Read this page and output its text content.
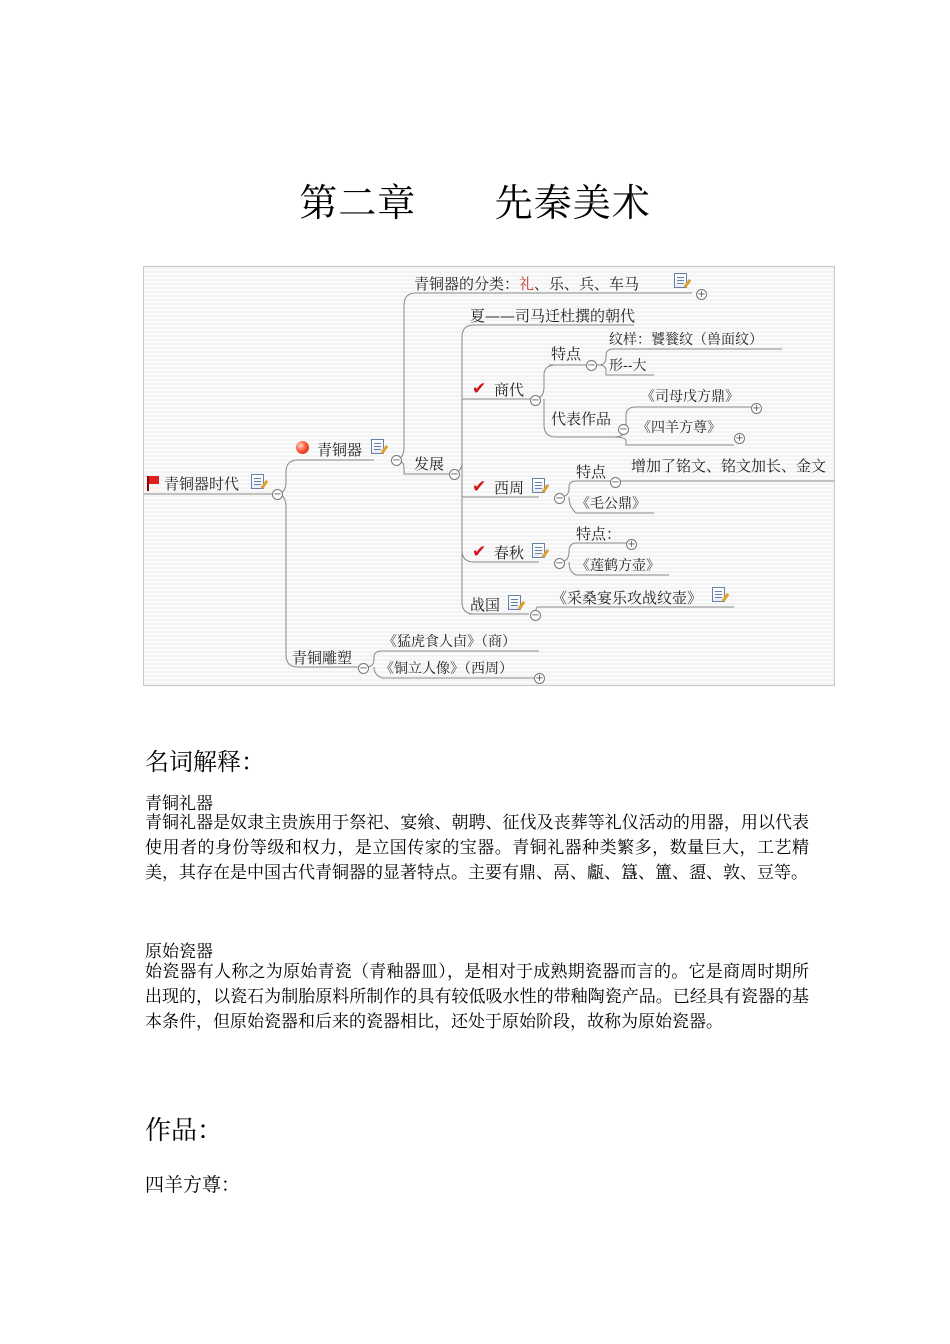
第二章      先秦美术
青铜器时代
−
青铜器
−
青铜器的分类：礼、乐、兵、车马
+
发展
−
夏——司马迁杜撰的朝代
✔ 商代
−
特点
−
纹样：饕餮纹（兽面纹）
形--大
代表作品
−
《司母戊方鼎》
+
《四羊方尊》
+
✔ 西周
−
特点
−
增加了铭文、铭文加长、金文
《毛公鼎》
✔ 春秋
−
特点：
+
《莲鹤方壶》
战国
−
《采桑宴乐攻战纹壶》
青铜雕塑
−
《猛虎食人卣》（商）
《铜立人像》（西周）
+
名词解释：
青铜礼器
青铜礼器是奴隶主贵族用于祭祀、宴飨、朝聘、征伐及丧葬等礼仪活动的用器，用以代表使用者的身份等级和权力，是立国传家的宝器。青铜礼器种类繁多，数量巨大，工艺精美，其存在是中国古代青铜器的显著特点。主要有鼎、鬲、甗、簋、簠、盨、敦、豆等。
原始瓷器
始瓷器有人称之为原始青瓷（青釉器皿），是相对于成熟期瓷器而言的。它是商周时期所出现的，以瓷石为制胎原料所制作的具有较低吸水性的带釉陶瓷产品。已经具有瓷器的基本条件，但原始瓷器和后来的瓷器相比，还处于原始阶段，故称为原始瓷器。
作品：
四羊方尊：
